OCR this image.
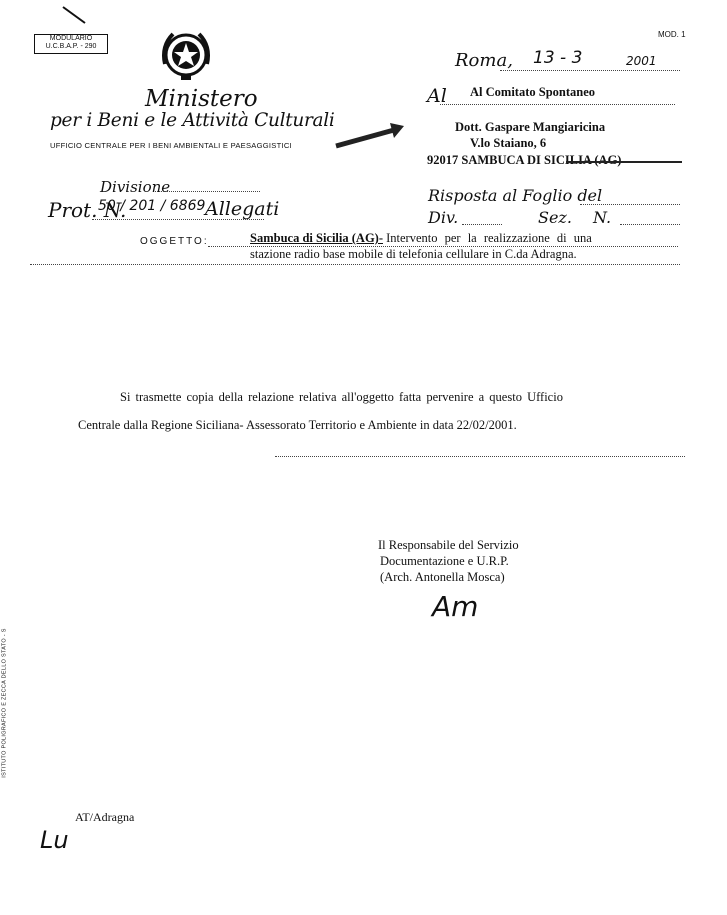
MODULARIO
U.C.B.A.P. - 290
MOD. 1
Ministero
per i Beni e le Attività Culturali
UFFICIO CENTRALE PER I BENI AMBIENTALI E PAESAGGISTICI
Roma, 13 - 3	2001
Al Al Comitato Spontaneo
Dott. Gaspare Mangiaricina
V.lo Staiano, 6
92017 SAMBUCA DI SICILIA (AG)
Divisione
Prot. N.
50 / 201 / 6869 Allegati
Risposta al Foglio del
Div.	Sez. N.
OGGETTO:	Sambuca di Sicilia (AG)- Intervento per la realizzazione di una
stazione radio base mobile di telefonia cellulare in C.da Adragna.
Si trasmette copia della relazione relativa all'oggetto fatta pervenire a questo Ufficio
Centrale dalla Regione Siciliana- Assessorato Territorio e Ambiente in data 22/02/2001.
Il Responsabile del Servizio
Documentazione e U.R.P.
(Arch. Antonella Mosca)
Am
ISTITUTO POLIGRAFICO E ZECCA DELLO STATO - S
AT/Adragna
Lu
